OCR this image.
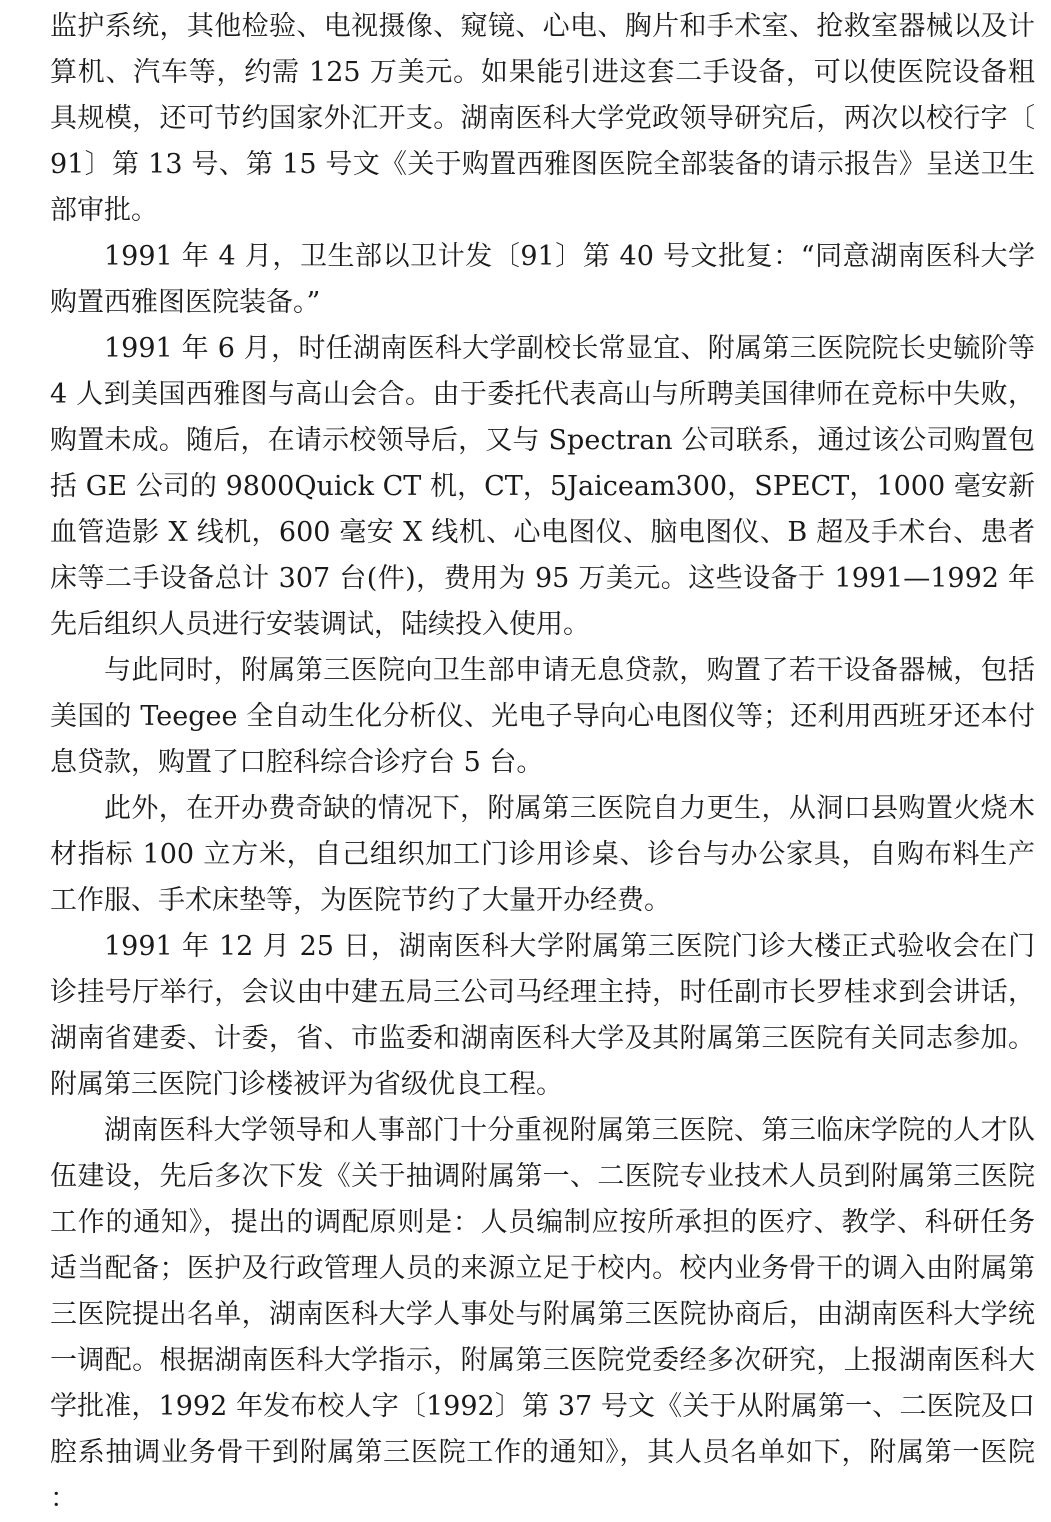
监护系统，其他检验、电视摄像、窥镜、心电、胸片和手术室、抢救室器械以及计算机、汽车等，约需 125 万美元。如果能引进这套二手设备，可以使医院设备粗具规模，还可节约国家外汇开支。湖南医科大学党政领导研究后，两次以校行字〔91〕第 13 号、第 15 号文《关于购置西雅图医院全部装备的请示报告》呈送卫生部审批。

1991 年 4 月，卫生部以卫计发〔91〕第 40 号文批复：“同意湖南医科大学购置西雅图医院装备。”

1991 年 6 月，时任湖南医科大学副校长常显宜、附属第三医院院长史毓阶等 4 人到美国西雅图与高山会合。由于委托代表高山与所聘美国律师在竞标中失败，购置未成。随后，在请示校领导后，又与 Spectran 公司联系，通过该公司购置包括 GE 公司的 9800Quick CT 机，CT，5Jaiceam300，SPECT，1000 毫安新血管造影 X 线机，600 毫安 X 线机、心电图仪、脑电图仪、B 超及手术台、患者床等二手设备总计 307 台(件)，费用为 95 万美元。这些设备于 1991—1992 年先后组织人员进行安装调试，陆续投入使用。

与此同时，附属第三医院向卫生部申请无息贷款，购置了若干设备器械，包括美国的 Teegee 全自动生化分析仪、光电子导向心电图仪等；还利用西班牙还本付息贷款，购置了口腔科综合诊疗台 5 台。

此外，在开办费奇缺的情况下，附属第三医院自力更生，从洞口县购置火烧木材指标 100 立方米，自己组织加工门诊用诊桌、诊台与办公家具，自购布料生产工作服、手术床垫等，为医院节约了大量开办经费。

1991 年 12 月 25 日，湖南医科大学附属第三医院门诊大楼正式验收会在门诊挂号厅举行，会议由中建五局三公司马经理主持，时任副市长罗桂求到会讲话，湖南省建委、计委，省、市监委和湖南医科大学及其附属第三医院有关同志参加。附属第三医院门诊楼被评为省级优良工程。

湖南医科大学领导和人事部门十分重视附属第三医院、第三临床学院的人才队伍建设，先后多次下发《关于抽调附属第一、二医院专业技术人员到附属第三医院工作的通知》，提出的调配原则是：人员编制应按所承担的医疗、教学、科研任务适当配备；医护及行政管理人员的来源立足于校内。校内业务骨干的调入由附属第三医院提出名单，湖南医科大学人事处与附属第三医院协商后，由湖南医科大学统一调配。根据湖南医科大学指示，附属第三医院党委经多次研究，上报湖南医科大学批准，1992 年发布校人字〔1992〕第 37 号文《关于从附属第一、二医院及口腔系抽调业务骨干到附属第三医院工作的通知》，其人员名单如下，附属第一医院：
